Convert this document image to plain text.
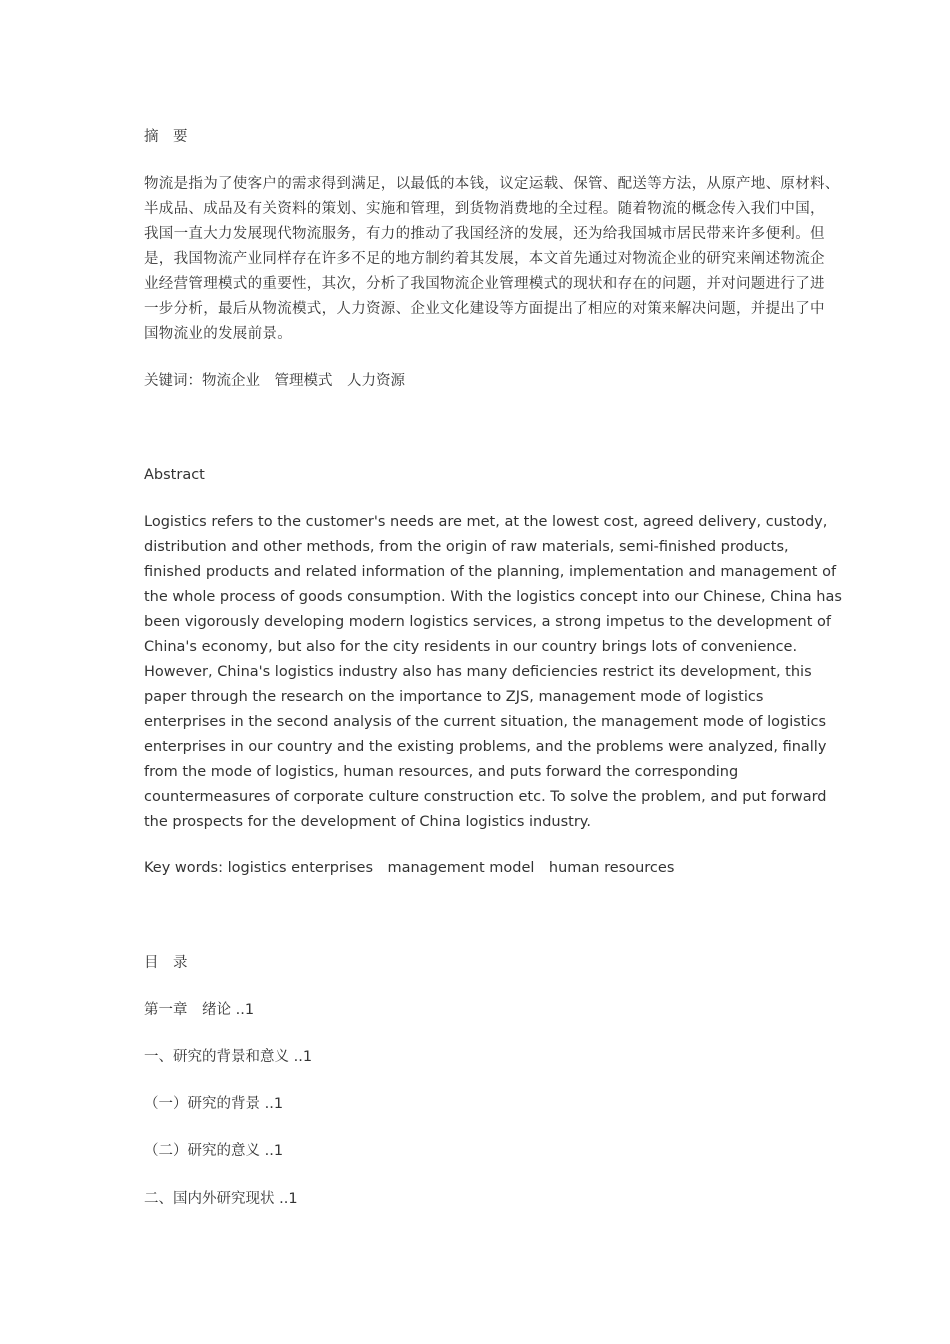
摘　要
物流是指为了使客户的需求得到满足，以最低的本钱，议定运载、保管、配送等方法，从原产地、原材料、
半成品、成品及有关资料的策划、实施和管理，到货物消费地的全过程。随着物流的概念传入我们中国，
我国一直大力发展现代物流服务，有力的推动了我国经济的发展，还为给我国城市居民带来许多便利。但
是，我国物流产业同样存在许多不足的地方制约着其发展，本文首先通过对物流企业的研究来阐述物流企
业经营管理模式的重要性，其次，分析了我国物流企业管理模式的现状和存在的问题，并对问题进行了进
一步分析，最后从物流模式，人力资源、企业文化建设等方面提出了相应的对策来解决问题，并提出了中
国物流业的发展前景。
关键词：物流企业　管理模式　人力资源
Abstract
Logistics refers to the customer's needs are met, at the lowest cost, agreed delivery, custody,
distribution and other methods, from the origin of raw materials, semi-finished products,
finished products and related information of the planning, implementation and management of
the whole process of goods consumption. With the logistics concept into our Chinese, China has
been vigorously developing modern logistics services, a strong impetus to the development of
China's economy, but also for the city residents in our country brings lots of convenience.
However, China's logistics industry also has many deficiencies restrict its development, this
paper through the research on the importance to ZJS, management mode of logistics
enterprises in the second analysis of the current situation, the management mode of logistics
enterprises in our country and the existing problems, and the problems were analyzed, finally
from the mode of logistics, human resources, and puts forward the corresponding
countermeasures of corporate culture construction etc. To solve the problem, and put forward
the prospects for the development of China logistics industry.
Key words: logistics enterprises　management model　human resources
目　录
第一章　绪论 ..1
一、研究的背景和意义 ..1
（一）研究的背景 ..1
（二）研究的意义 ..1
二、国内外研究现状 ..1
